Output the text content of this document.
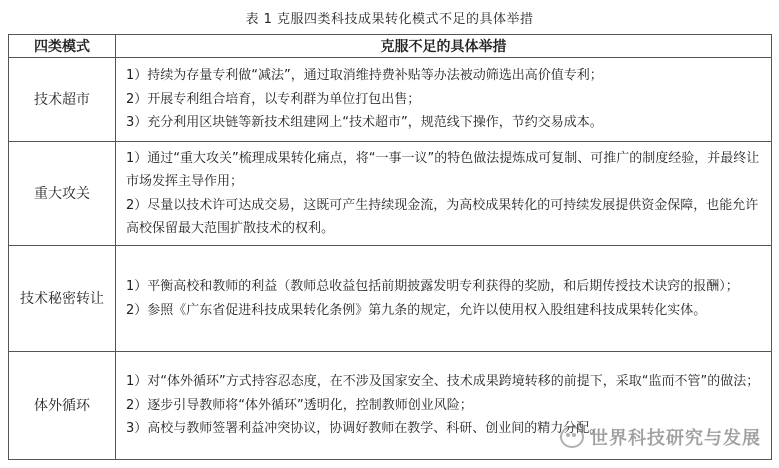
表 1 克服四类科技成果转化模式不足的具体举措
四类模式	克服不足的具体举措
技术超市	1）持续为存量专利做“减法”，通过取消维持费补贴等办法被动筛选出高价值专利；

2）开展专利组合培育，以专利群为单位打包出售；

3）充分利用区块链等新技术组建网上“技术超市”，规范线下操作，节约交易成本。

重大攻关	1）通过“重大攻关”梳理成果转化痛点，将“一事一议”的特色做法提炼成可复制、可推广的制度经验，并最终让市场发挥主导作用；

2）尽量以技术许可达成交易，这既可产生持续现金流，为高校成果转化的可持续发展提供资金保障，也能允许高校保留最大范围扩散技术的权利。

技术秘密转让	1）平衡高校和教师的利益（教师总收益包括前期披露发明专利获得的奖励，和后期传授技术诀窍的报酬）；

2）参照《广东省促进科技成果转化条例》第九条的规定，允许以使用权入股组建科技成果转化实体。

体外循环	1）对“体外循环”方式持容忍态度，在不涉及国家安全、技术成果跨境转移的前提下，采取“监而不管”的做法；

2）逐步引导教师将“体外循环”透明化，控制教师创业风险；

3）高校与教师签署利益冲突协议，协调好教师在教学、科研、创业间的精力分配。

世界科技研究与发展
